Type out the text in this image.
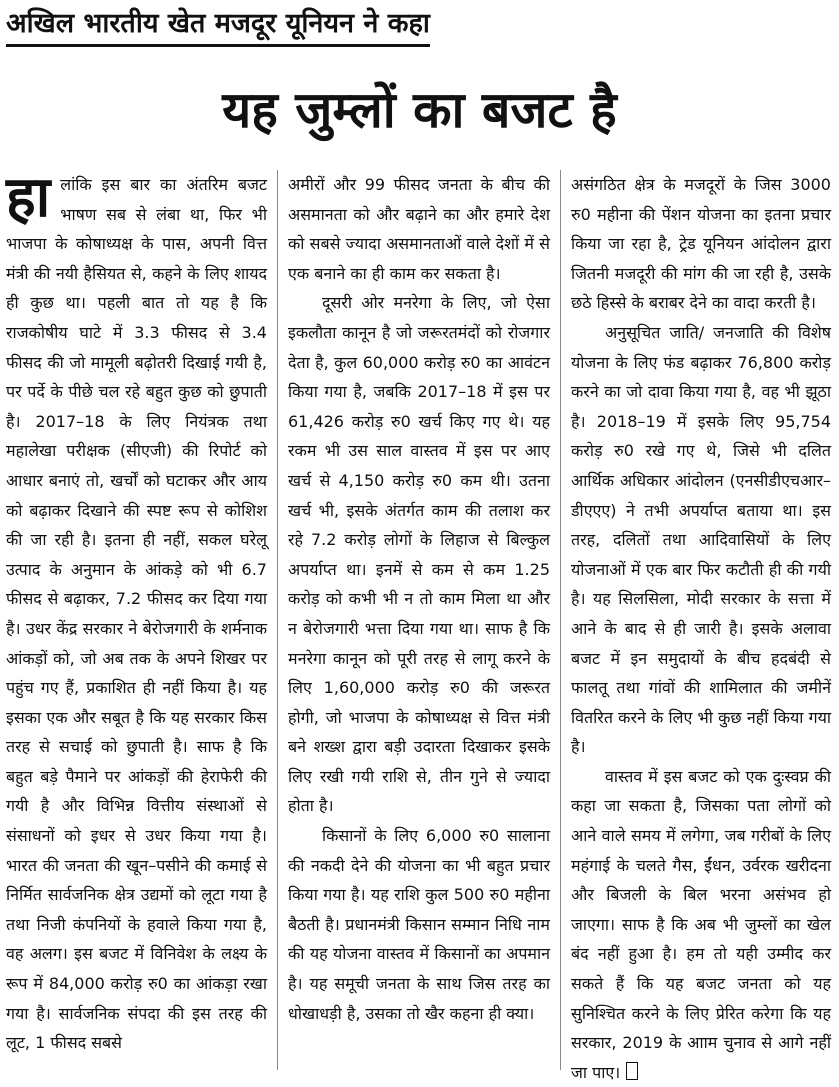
अखिल भारतीय खेत मजदूर यूनियन ने कहा
यह जुम्लों का बजट है

हा लांकि इस बार का अंतरिम बजट भाषण सब से लंबा था, फिर भी भाजपा के कोषाध्यक्ष के पास, अपनी वित्त मंत्री की नयी हैसियत से, कहने के लिए शायद ही कुछ था। पहली बात तो यह है कि राजकोषीय घाटे में 3.3 फीसद से 3.4 फीसद की जो मामूली बढ़ोतरी दिखाई गयी है, पर पर्दे के पीछे चल रहे बहुत कुछ को छुपाती है। 2017–18 के लिए नियंत्रक तथा महालेखा परीक्षक (सीएजी) की रिपोर्ट को आधार बनाएं तो, खर्चों को घटाकर और आय को बढ़ाकर दिखाने की स्पष्ट रूप से कोशिश की जा रही है। इतना ही नहीं, सकल घरेलू उत्पाद के अनुमान के आंकड़े को भी 6.7 फीसद से बढ़ाकर, 7.2 फीसद कर दिया गया है। उधर केंद्र सरकार ने बेरोजगारी के शर्मनाक आंकड़ों को, जो अब तक के अपने शिखर पर पहुंच गए हैं, प्रकाशित ही नहीं किया है। यह इसका एक और सबूत है कि यह सरकार किस तरह से सचाई को छुपाती है। साफ है कि बहुत बड़े पैमाने पर आंकड़ों की हेराफेरी की गयी है और विभिन्न वित्तीय संस्थाओं से संसाधनों को इधर से उधर किया गया है। भारत की जनता की खून–पसीने की कमाई से निर्मित सार्वजनिक क्षेत्र उद्यमों को लूटा गया है तथा निजी कंपनियों के हवाले किया गया है, वह अलग। इस बजट में विनिवेश के लक्ष्य के रूप में 84,000 करोड़ रु0 का आंकड़ा रखा गया है। सार्वजनिक संपदा की इस तरह की लूट, 1 फीसद सबसे

अमीरों और 99 फीसद जनता के बीच की असमानता को और बढ़ाने का और हमारे देश को सबसे ज्यादा असमानताओं वाले देशों में से एक बनाने का ही काम कर सकता है।

दूसरी ओर मनरेगा के लिए, जो ऐसा इकलौता कानून है जो जरूरतमंदों को रोजगार देता है, कुल 60,000 करोड़ रु0 का आवंटन किया गया है, जबकि 2017–18 में इस पर 61,426 करोड़ रु0 खर्च किए गए थे। यह रकम भी उस साल वास्तव में इस पर आए खर्च से 4,150 करोड़ रु0 कम थी। उतना खर्च भी, इसके अंतर्गत काम की तलाश कर रहे 7.2 करोड़ लोगों के लिहाज से बिल्कुल अपर्याप्त था। इनमें से कम से कम 1.25 करोड़ को कभी भी न तो काम मिला था और न बेरोजगारी भत्ता दिया गया था। साफ है कि मनरेगा कानून को पूरी तरह से लागू करने के लिए 1,60,000 करोड़ रु0 की जरूरत होगी, जो भाजपा के कोषाध्यक्ष से वित्त मंत्री बने शख्श द्वारा बड़ी उदारता दिखाकर इसके लिए रखी गयी राशि से, तीन गुने से ज्यादा होता है।

किसानों के लिए 6,000 रु0 सालाना की नकदी देने की योजना का भी बहुत प्रचार किया गया है। यह राशि कुल 500 रु0 महीना बैठती है। प्रधानमंत्री किसान सम्मान निधि नाम की यह योजना वास्तव में किसानों का अपमान है। यह समूची जनता के साथ जिस तरह का धोखाधड़ी है, उसका तो खैर कहना ही क्या।

असंगठित क्षेत्र के मजदूरों के जिस 3000 रु0 महीना की पेंशन योजना का इतना प्रचार किया जा रहा है, ट्रेड यूनियन आंदोलन द्वारा जितनी मजदूरी की मांग की जा रही है, उसके छठे हिस्से के बराबर देने का वादा करती है।

अनुसूचित जाति/ जनजाति की विशेष योजना के लिए फंड बढ़ाकर 76,800 करोड़ करने का जो दावा किया गया है, वह भी झूठा है। 2018–19 में इसके लिए 95,754 करोड़ रु0 रखे गए थे, जिसे भी दलित आर्थिक अधिकार आंदोलन (एनसीडीएचआर–डीएएए) ने तभी अपर्याप्त बताया था। इस तरह, दलितों तथा आदिवासियों के लिए योजनाओं में एक बार फिर कटौती ही की गयी है। यह सिलसिला, मोदी सरकार के सत्ता में आने के बाद से ही जारी है। इसके अलावा बजट में इन समुदायों के बीच हदबंदी से फालतू तथा गांवों की शामिलात की जमीनें वितरित करने के लिए भी कुछ नहीं किया गया है।

वास्तव में इस बजट को एक दुःस्वप्न की कहा जा सकता है, जिसका पता लोगों को आने वाले समय में लगेगा, जब गरीबों के लिए महंगाई के चलते गैस, ईंधन, उर्वरक खरीदना और बिजली के बिल भरना असंभव हो जाएगा। साफ है कि अब भी जुम्लों का खेल बंद नहीं हुआ है। हम तो यही उम्मीद कर सकते हैं कि यह बजट जनता को यह सुनिश्चित करने के लिए प्रेरित करेगा कि यह सरकार, 2019 के आाम चुनाव से आगे नहीं जा पाए।
